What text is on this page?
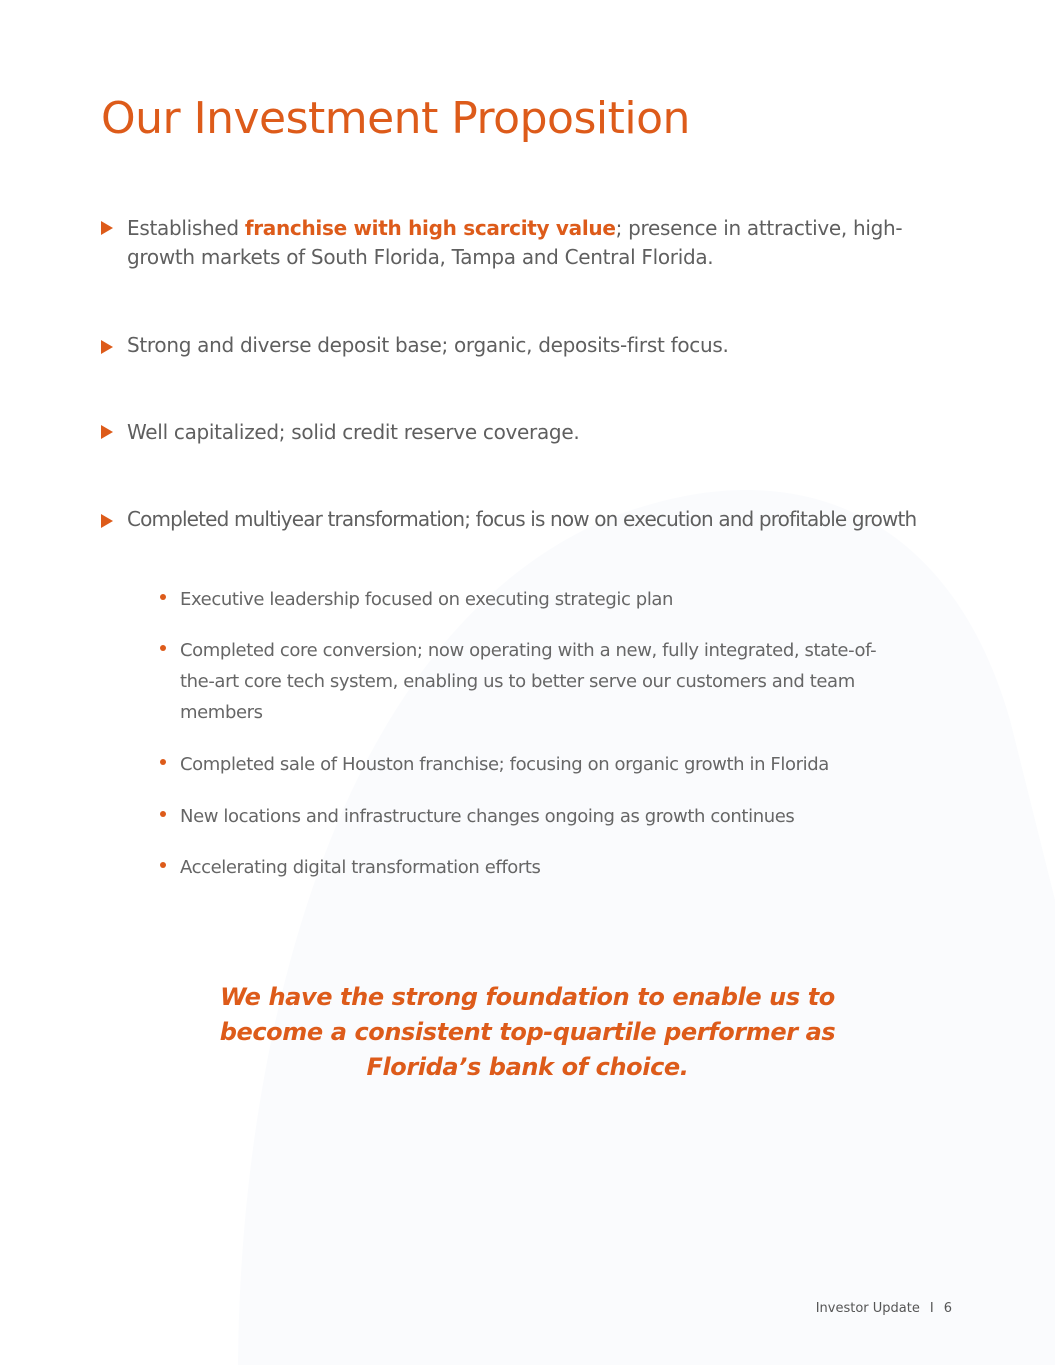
Our Investment Proposition
Established franchise with high scarcity value; presence in attractive, high-growth markets of South Florida, Tampa and Central Florida.
Strong and diverse deposit base; organic, deposits-first focus.
Well capitalized; solid credit reserve coverage.
Completed multiyear transformation; focus is now on execution and profitable growth
Executive leadership focused on executing strategic plan
Completed core conversion; now operating with a new, fully integrated, state-of-the-art core tech system, enabling us to better serve our customers and team members
Completed sale of Houston franchise; focusing on organic growth in Florida
New locations and infrastructure changes ongoing as growth continues
Accelerating digital transformation efforts

We have the strong foundation to enable us to become a consistent top-quartile performer as Florida’s bank of choice.

Investor Update I 6
